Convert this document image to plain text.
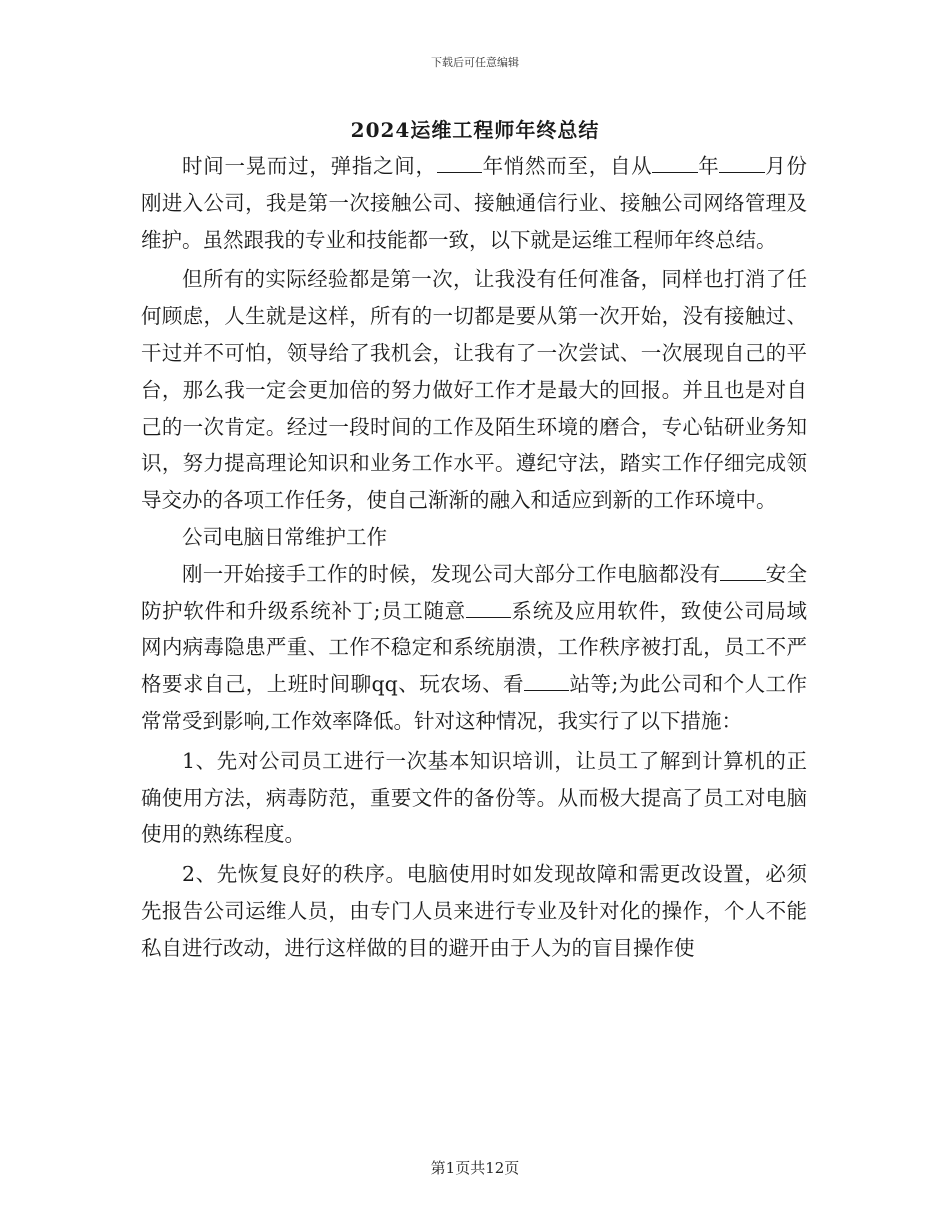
下载后可任意编辑
2024运维工程师年终总结

时间一晃而过，弹指之间， 年悄然而至，自从 年 月份刚进入公司，我是第一次接触公司、接触通信行业、接触公司网络管理及维护。虽然跟我的专业和技能都一致，以下就是运维工程师年终总结。

但所有的实际经验都是第一次，让我没有任何准备，同样也打消了任何顾虑，人生就是这样，所有的一切都是要从第一次开始，没有接触过、干过并不可怕，领导给了我机会，让我有了一次尝试、一次展现自己的平台，那么我一定会更加倍的努力做好工作才是最大的回报。并且也是对自己的一次肯定。经过一段时间的工作及陌生环境的磨合，专心钻研业务知识，努力提高理论知识和业务工作水平。遵纪守法，踏实工作仔细完成领导交办的各项工作任务，使自己渐渐的融入和适应到新的工作环境中。

公司电脑日常维护工作

刚一开始接手工作的时候，发现公司大部分工作电脑都没有 安全防护软件和升级系统补丁;员工随意 系统及应用软件，致使公司局域网内病毒隐患严重、工作不稳定和系统崩溃，工作秩序被打乱，员工不严格要求自己，上班时间聊qq、玩农场、看 站等;为此公司和个人工作常常受到影响,工作效率降低。针对这种情况，我实行了以下措施：

1、先对公司员工进行一次基本知识培训，让员工了解到计算机的正确使用方法，病毒防范，重要文件的备份等。从而极大提高了员工对电脑使用的熟练程度。

2、先恢复良好的秩序。电脑使用时如发现故障和需更改设置，必须先报告公司运维人员，由专门人员来进行专业及针对化的操作，个人不能私自进行改动，进行这样做的目的避开由于人为的盲目操作使

第1页共12页
